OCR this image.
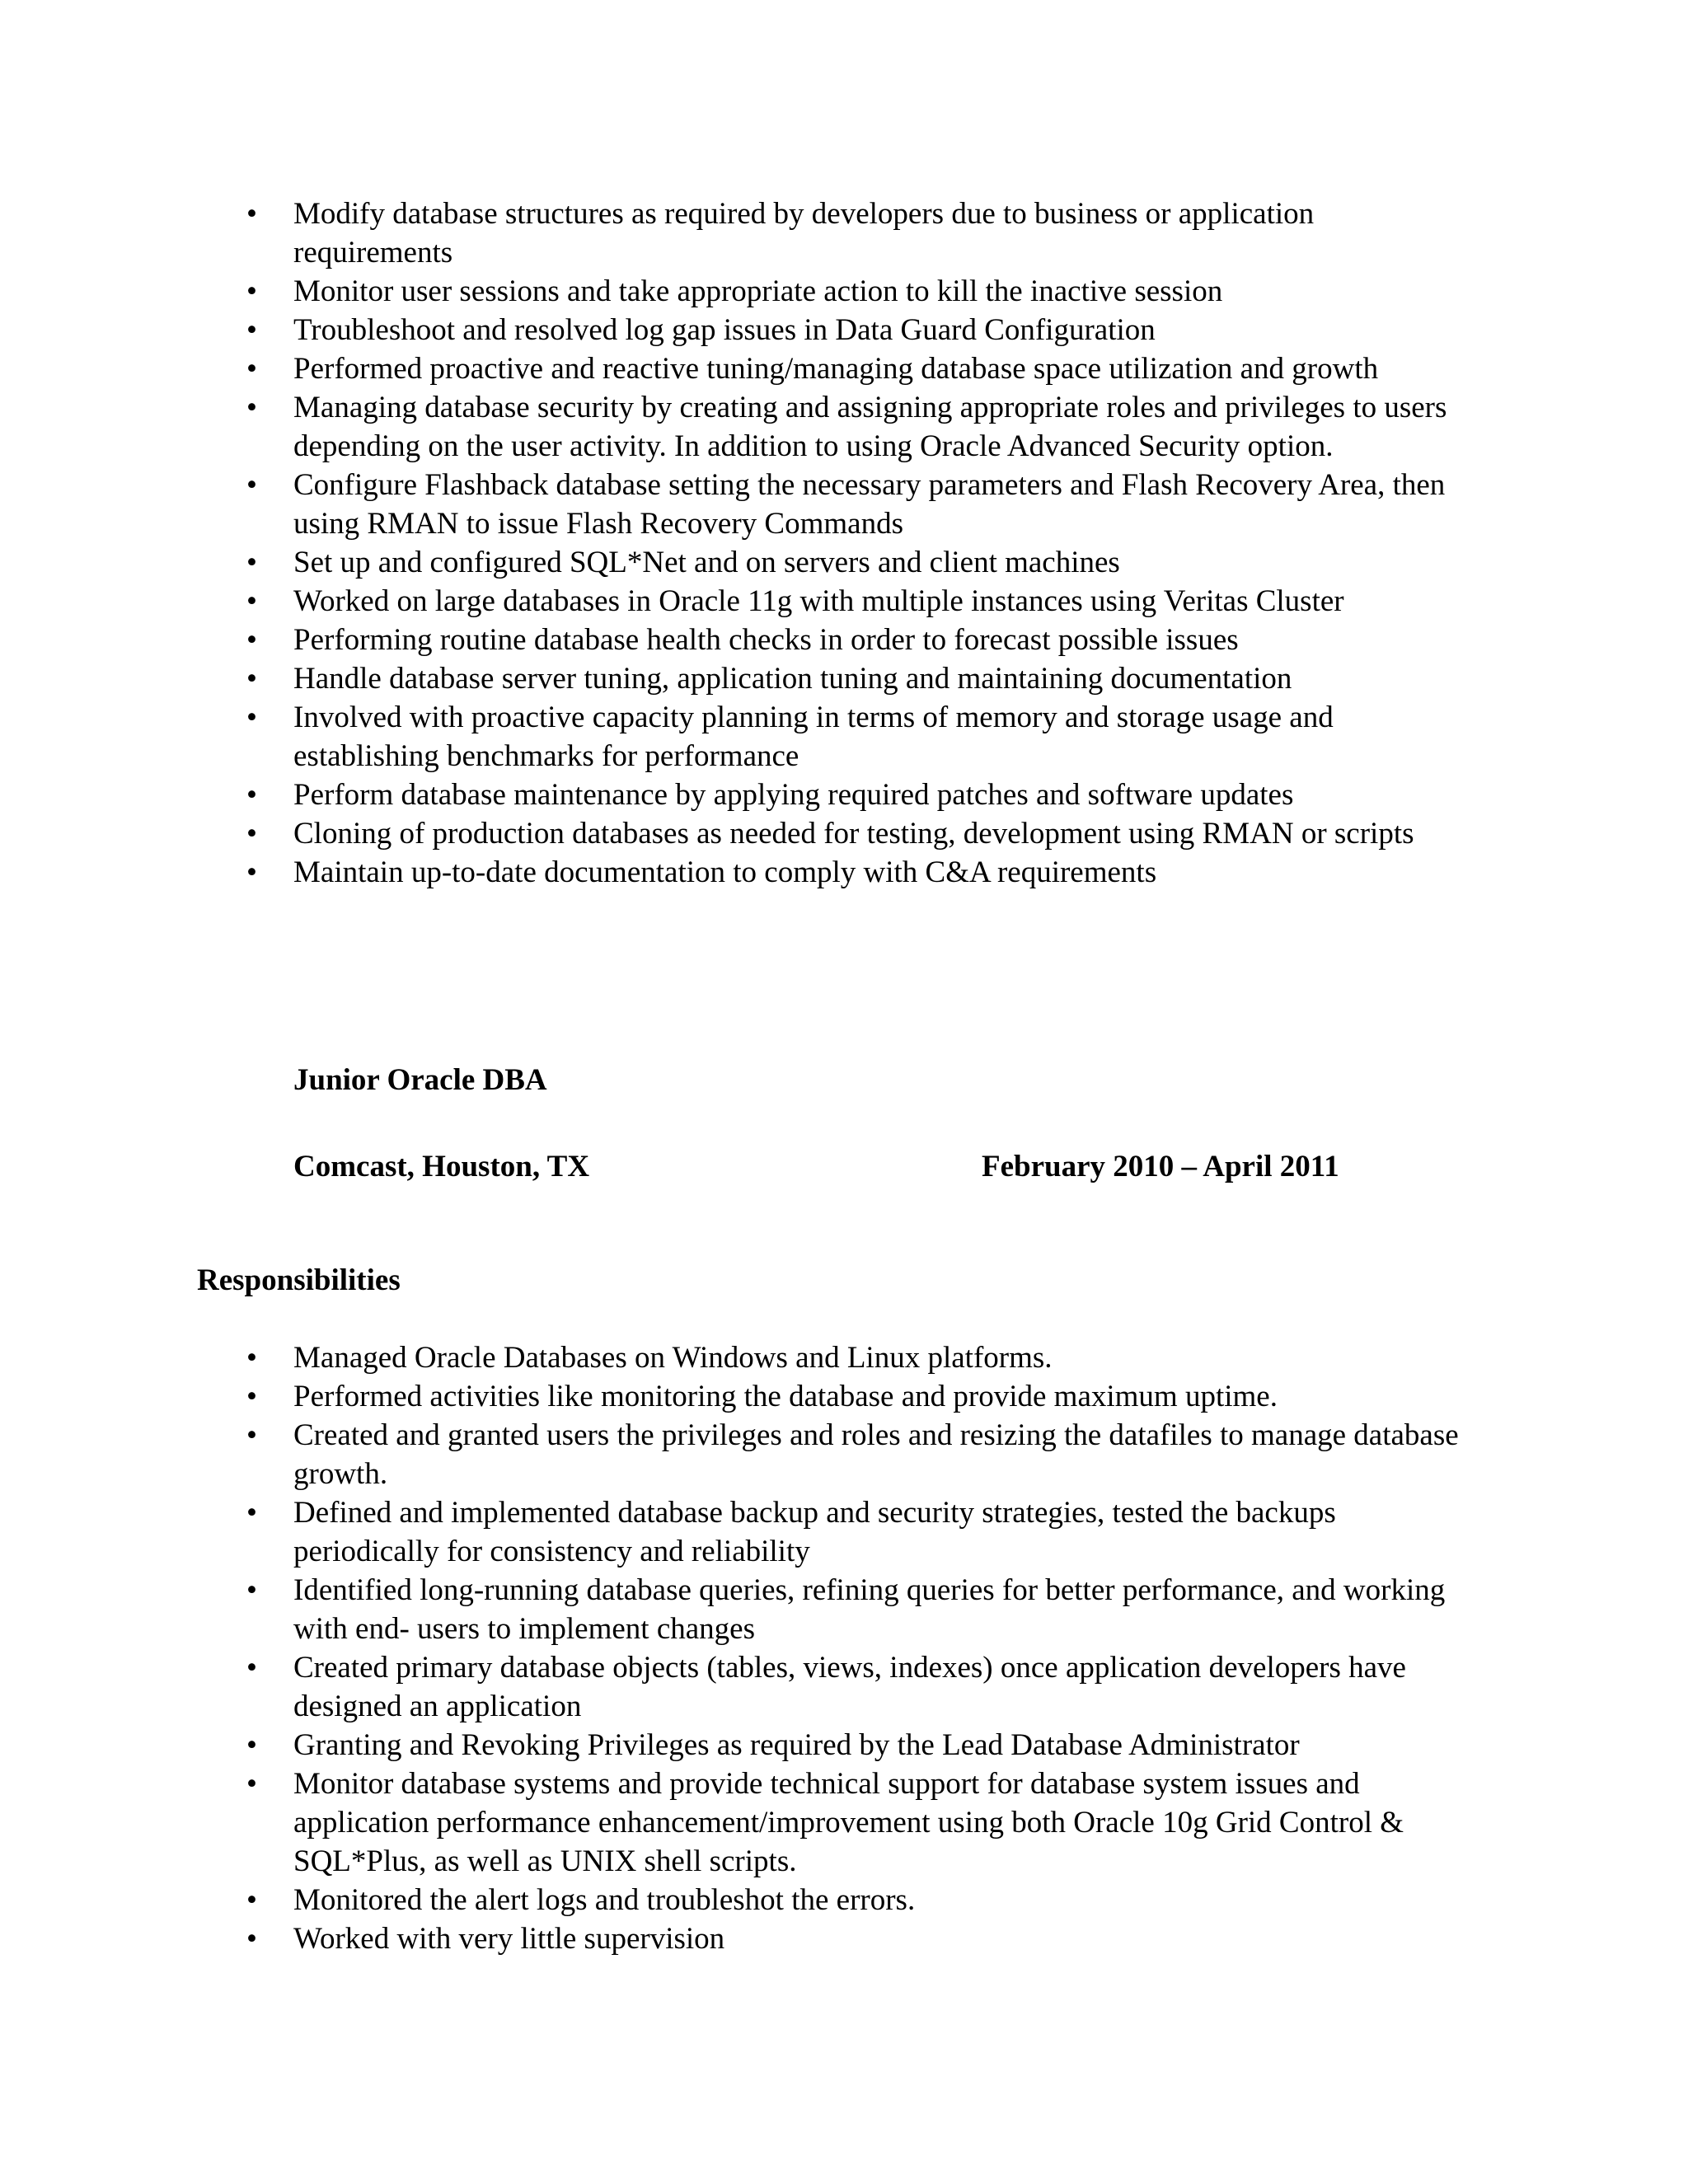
• Modify database structures as required by developers due to business or application requirements
• Monitor user sessions and take appropriate action to kill the inactive session
• Troubleshoot and resolved log gap issues in Data Guard Configuration
• Performed proactive and reactive tuning/managing database space utilization and growth
• Managing database security by creating and assigning appropriate roles and privileges to users depending on the user activity. In addition to using Oracle Advanced Security option.
• Configure Flashback database setting the necessary parameters and Flash Recovery Area, then using RMAN to issue Flash Recovery Commands
• Set up and configured SQL*Net and on servers and client machines
• Worked on large databases in Oracle 11g with multiple instances using Veritas Cluster
• Performing routine database health checks in order to forecast possible issues
• Handle database server tuning, application tuning and maintaining documentation
• Involved with proactive capacity planning in terms of memory and storage usage and establishing benchmarks for performance
• Perform database maintenance by applying required patches and software updates
• Cloning of production databases as needed for testing, development using RMAN or scripts
• Maintain up-to-date documentation to comply with C&A requirements
Junior Oracle DBA
Comcast, Houston, TX	February 2010 – April 2011
Responsibilities
• Managed Oracle Databases on Windows and Linux platforms.
• Performed activities like monitoring the database and provide maximum uptime.
• Created and granted users the privileges and roles and resizing the datafiles to manage database growth.
• Defined and implemented database backup and security strategies, tested the backups periodically for consistency and reliability
• Identified long-running database queries, refining queries for better performance, and working with end- users to implement changes
• Created primary database objects (tables, views, indexes) once application developers have designed an application
• Granting and Revoking Privileges as required by the Lead Database Administrator
• Monitor database systems and provide technical support for database system issues and application performance enhancement/improvement using both Oracle 10g Grid Control & SQL*Plus, as well as UNIX shell scripts.
• Monitored the alert logs and troubleshot the errors.
• Worked with very little supervision
